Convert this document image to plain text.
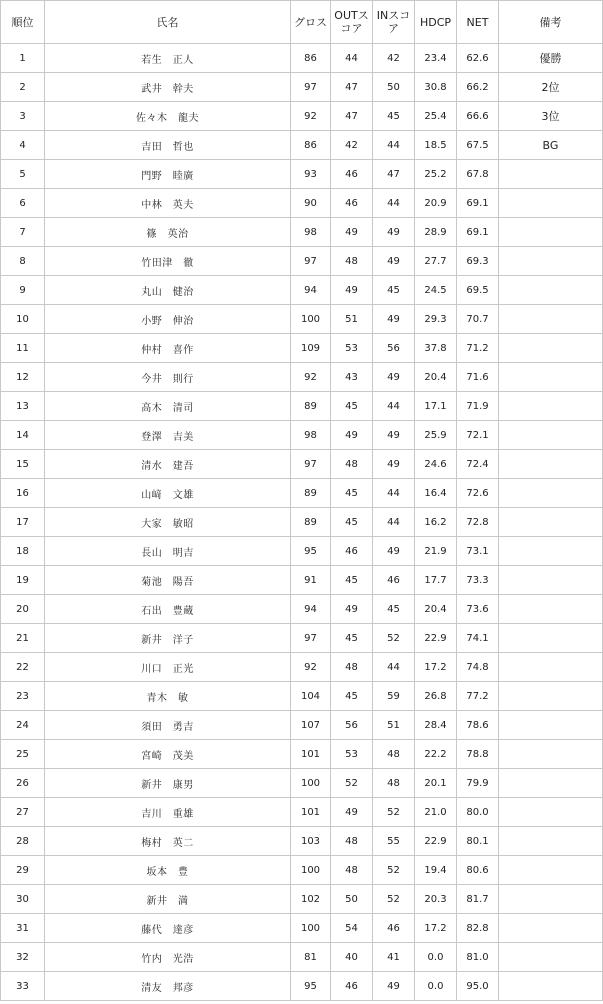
順位	氏名	グロス	OUTスコア	INスコア	HDCP	NET	備考
1	若生　正人	86	44	42	23.4	62.6	優勝
2	武井　幹夫	97	47	50	30.8	66.2	2位
3	佐々木　龍夫	92	47	45	25.4	66.6	3位
4	吉田　哲也	86	42	44	18.5	67.5	BG
5	門野　睦廣	93	46	47	25.2	67.8	
6	中林　英夫	90	46	44	20.9	69.1	
7	篠　英治	98	49	49	28.9	69.1	
8	竹田津　徹	97	48	49	27.7	69.3	
9	丸山　健治	94	49	45	24.5	69.5	
10	小野　伸治	100	51	49	29.3	70.7	
11	仲村　喜作	109	53	56	37.8	71.2	
12	今井　則行	92	43	49	20.4	71.6	
13	高木　清司	89	45	44	17.1	71.9	
14	登澤　吉美	98	49	49	25.9	72.1	
15	清水　建吾	97	48	49	24.6	72.4	
16	山﨑　文雄	89	45	44	16.4	72.6	
17	大家　敏昭	89	45	44	16.2	72.8	
18	長山　明吉	95	46	49	21.9	73.1	
19	菊池　陽吾	91	45	46	17.7	73.3	
20	石出　豊蔵	94	49	45	20.4	73.6	
21	新井　洋子	97	45	52	22.9	74.1	
22	川口　正光	92	48	44	17.2	74.8	
23	青木　敏	104	45	59	26.8	77.2	
24	須田　勇吉	107	56	51	28.4	78.6	
25	宮崎　茂美	101	53	48	22.2	78.8	
26	新井　康男	100	52	48	20.1	79.9	
27	吉川　重雄	101	49	52	21.0	80.0	
28	梅村　英二	103	48	55	22.9	80.1	
29	坂本　豊	100	48	52	19.4	80.6	
30	新井　満	102	50	52	20.3	81.7	
31	藤代　達彦	100	54	46	17.2	82.8	
32	竹内　光浩	81	40	41	0.0	81.0	
33	清友　邦彦	95	46	49	0.0	95.0	
